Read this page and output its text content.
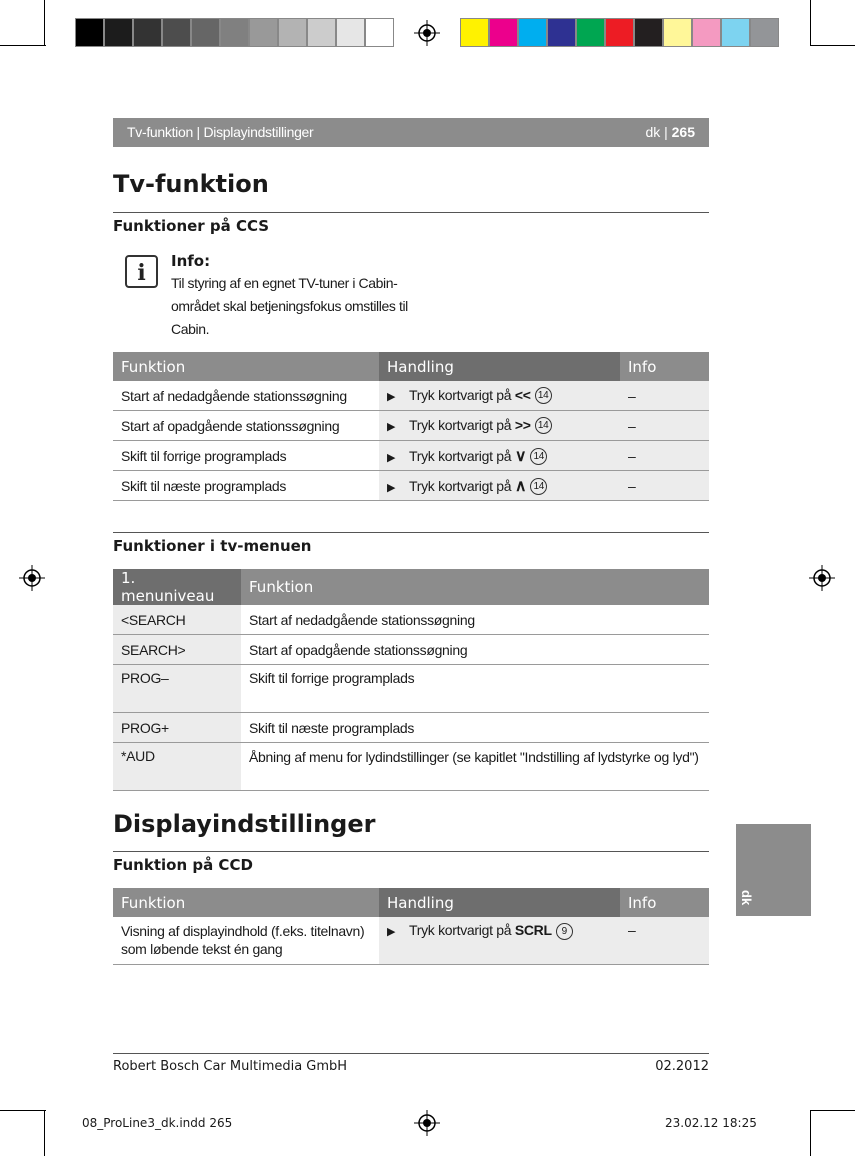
Tv-funktion | Displayindstillinger	dk | 265
Tv-funktion
Funktioner på CCS
i	Info:
Til styring af en egnet TV-tuner i Cabin-området skal betjeningsfokus omstilles til Cabin.
Funktion	Handling	Info
Start af nedadgående stationssøgning	▶ Tryk kortvarigt på << 14	–
Start af opadgående stationssøgning	▶ Tryk kortvarigt på >> 14	–
Skift til forrige programplads	▶ Tryk kortvarigt på ∨ 14	–
Skift til næste programplads	▶ Tryk kortvarigt på ∧ 14	–
Funktioner i tv-menuen
1. menuniveau	Funktion
<SEARCH	Start af nedadgående stationssøgning
SEARCH>	Start af opadgående stationssøgning
PROG–	Skift til forrige programplads
PROG+	Skift til næste programplads
*AUD	Åbning af menu for lydindstillinger (se kapitlet "Indstilling af lydstyrke og lyd")
Displayindstillinger
Funktion på CCD
Funktion	Handling	Info
Visning af displayindhold (f.eks. titelnavn) som løbende tekst én gang	▶ Tryk kortvarigt på SCRL 9	–
dk
Robert Bosch Car Multimedia GmbH	02.2012
08_ProLine3_dk.indd 265	23.02.12 18:25
